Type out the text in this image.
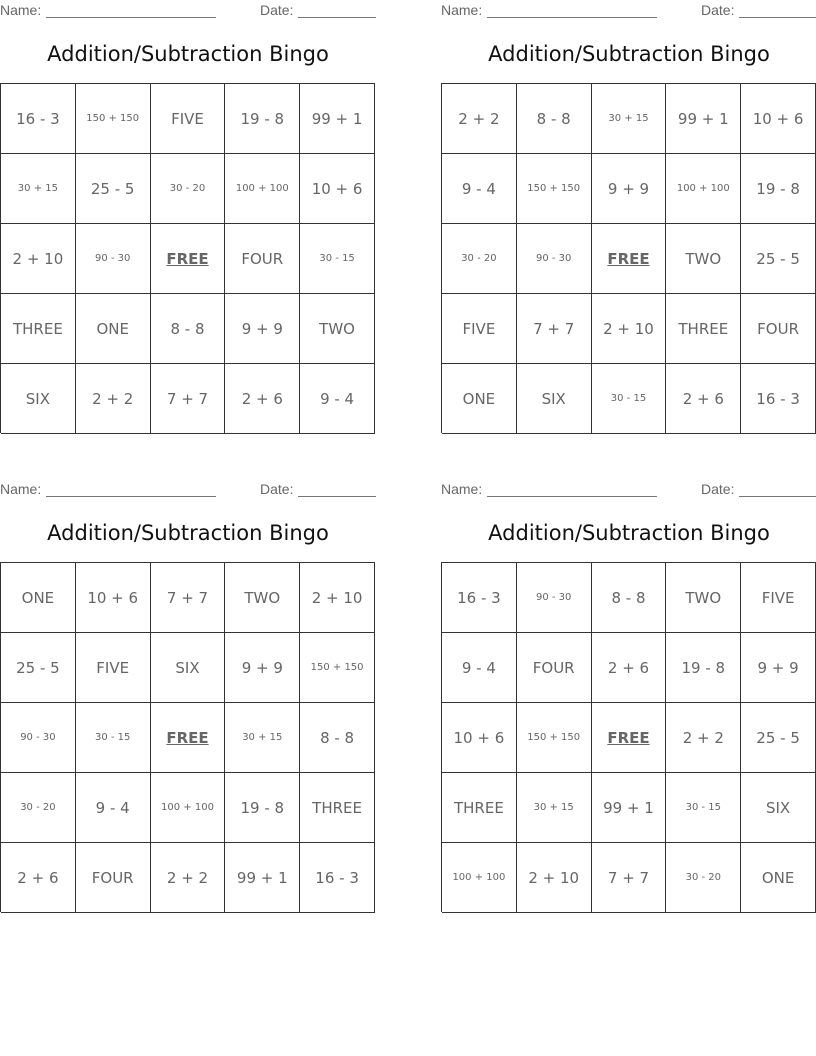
Name:	Date:
Addition/Subtraction Bingo
16 - 3	150 + 150	FIVE	19 - 8	99 + 1
30 + 15	25 - 5	30 - 20	100 + 100	10 + 6
2 + 10	90 - 30	FREE	FOUR	30 - 15
THREE	ONE	8 - 8	9 + 9	TWO
SIX	2 + 2	7 + 7	2 + 6	9 - 4
Name:	Date:
Addition/Subtraction Bingo
2 + 2	8 - 8	30 + 15	99 + 1	10 + 6
9 - 4	150 + 150	9 + 9	100 + 100	19 - 8
30 - 20	90 - 30	FREE	TWO	25 - 5
FIVE	7 + 7	2 + 10	THREE	FOUR
ONE	SIX	30 - 15	2 + 6	16 - 3
Name:	Date:
Addition/Subtraction Bingo
ONE	10 + 6	7 + 7	TWO	2 + 10
25 - 5	FIVE	SIX	9 + 9	150 + 150
90 - 30	30 - 15	FREE	30 + 15	8 - 8
30 - 20	9 - 4	100 + 100	19 - 8	THREE
2 + 6	FOUR	2 + 2	99 + 1	16 - 3
Name:	Date:
Addition/Subtraction Bingo
16 - 3	90 - 30	8 - 8	TWO	FIVE
9 - 4	FOUR	2 + 6	19 - 8	9 + 9
10 + 6	150 + 150	FREE	2 + 2	25 - 5
THREE	30 + 15	99 + 1	30 - 15	SIX
100 + 100	2 + 10	7 + 7	30 - 20	ONE
